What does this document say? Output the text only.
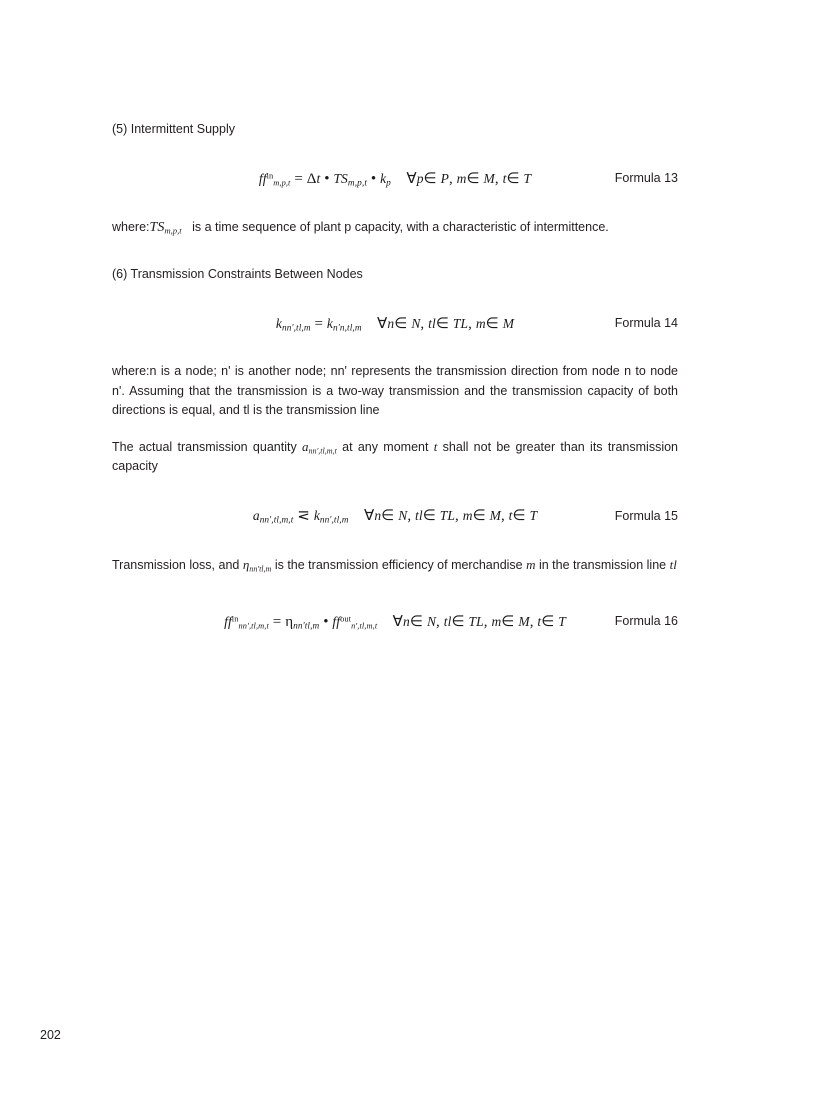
(5) Intermittent Supply

$ff^{in}_{m,p,t} = \Delta t$ • $TS_{m,p,t}$ • $k_p$ ∀p∈ P, m∈ M, t∈ T	Formula 13

$where:TS_{m,p,t}$   is a time sequence of plant p capacity, with a characteristic of intermittence.

(6) Transmission Constraints Between Nodes

$k_{nn',tl,m} = k_{n'n,tl,m}$ ∀n∈ N, tl∈ TL, m∈ M	Formula 14

where:n is a node; n' is another node; nn' represents the transmission direction from node n to node n'. Assuming that the transmission is a two-way transmission and the transmission capacity of both directions is equal, and tl is the transmission line

The actual transmission quantity $a_{nn',tl,m,t}$ at any moment t shall not be greater than its transmission capacity

$a_{nn',tl,m,t}$ ⋜ $k_{nn',tl,m}$ ∀n∈ N, tl∈ TL, m∈ M, t∈ T	Formula 15

Transmission loss, and $\eta_{nn'tl,m}$ is the transmission efficiency of merchandise m in the transmission line tl

$ff^{in}_{nn',tl,m,t} = \eta_{nn'tl,m}$ • $ff^{out}_{n',tl,m,t}$ ∀n∈ N, tl∈ TL, m∈ M, t∈ T	Formula 16
202
